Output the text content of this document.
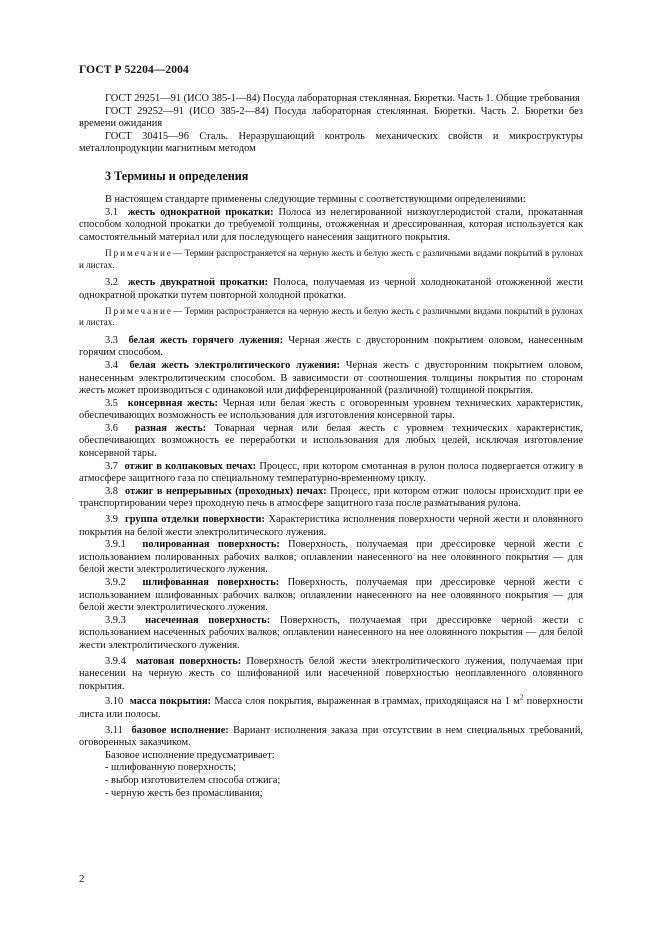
ГОСТ Р 52204—2004

ГОСТ 29251—91 (ИСО 385-1—84) Посуда лабораторная стеклянная. Бюретки. Часть 1. Общие требования

ГОСТ 29252—91 (ИСО 385-2—84) Посуда лабораторная стеклянная. Бюретки. Часть 2. Бюретки без времени ожидания

ГОСТ 30415—96 Сталь. Неразрушающий контроль механических свойств и микроструктуры металлопродукции магнитным методом

3 Термины и определения

В настоящем стандарте применены следующие термины с соответствующими определениями:

3.1 жесть однократной прокатки: Полоса из нелегированной низкоуглеродистой стали, прокатанная способом холодной прокатки до требуемой толщины, отожженная и дрессированная, которая используется как самостоятельный материал или для последующего нанесения защитного покрытия.

Примечание— Термин распространяется на черную жесть и белую жесть с различными видами покрытий в рулонах и листах.

3.2 жесть двукратной прокатки: Полоса, получаемая из черной холоднокатаной отожженной жести однократной прокатки путем повторной холодной прокатки.

Примечание— Термин распространяется на черную жесть и белую жесть с различными видами покрытий в рулонах и листах.

3.3 белая жесть горячего лужения: Черная жесть с двусторонним покрытием оловом, нанесенным горячим способом.

3.4 белая жесть электролитического лужения: Черная жесть с двусторонним покрытием оловом, нанесенным электролитическим способом. В зависимости от соотношения толщины покрытия по сторонам жесть может производиться с одинаковой или дифференцированной (различной) толщиной покрытия.

3.5 консервная жесть: Черная или белая жесть с оговоренным уровнем технических характеристик, обеспечивающих возможность ее использования для изготовления консервной тары.

3.6 разная жесть: Товарная черная или белая жесть с уровнем технических характеристик, обеспечивающих возможность ее переработки и использования для любых целей, исключая изготовление консервной тары.

3.7 отжиг в колпаковых печах: Процесс, при котором смотанная в рулон полоса подвергается отжигу в атмосфере защитного газа по специальному температурно-временному циклу.

3.8 отжиг в непрерывных (проходных) печах: Процесс, при котором отжиг полосы происходит при ее транспортировании через проходную печь в атмосфере защитного газа после разматывания рулона.

3.9 группа отделки поверхности: Характеристика исполнения поверхности черной жести и оловянного покрытия на белой жести электролитического лужения.

3.9.1 полированная поверхность: Поверхность, получаемая при дрессировке черной жести с использованием полированных рабочих валков; оплавлении нанесенного на нее оловянного покрытия — для белой жести электролитического лужения.

3.9.2 шлифованная поверхность: Поверхность, получаемая при дрессировке черной жести с использованием шлифованных рабочих валков; оплавлении нанесенного на нее оловянного покрытия — для белой жести электролитического лужения.

3.9.3 насеченная поверхность: Поверхность, получаемая при дрессировке черной жести с использованием насеченных рабочих валков; оплавлении нанесенного на нее оловянного покрытия — для белой жести электролитического лужения.

3.9.4 матовая поверхность: Поверхность белой жести электролитического лужения, получаемая при нанесении на черную жесть со шлифованной или насеченной поверхностью неоплавленного оловянного покрытия.

3.10 масса покрытия: Масса слоя покрытия, выраженная в граммах, приходящаяся на 1 $м^2$ поверхности листа или полосы.

3.11 базовое исполнение: Вариант исполнения заказа при отсутствии в нем специальных требований, оговоренных заказчиком.

Базовое исполнение предусматривает:

- шлифованную поверхность;
- выбор изготовителем способа отжига;
- черную жесть без промасливания;
2
